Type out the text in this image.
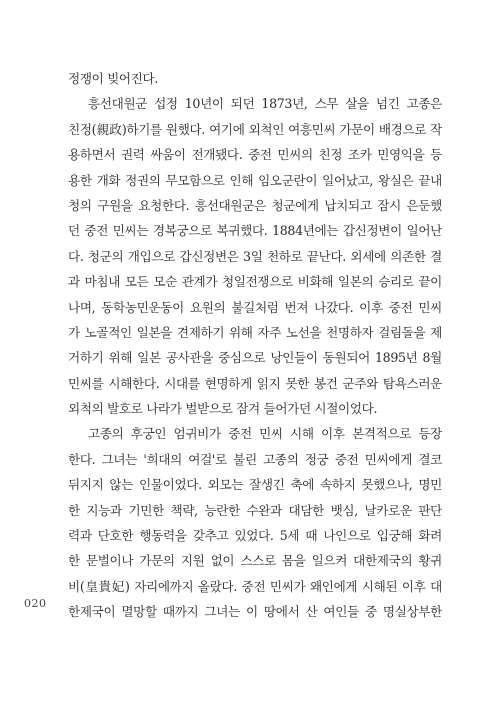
정쟁이 빚어진다.
흥선대원군 섭정 10년이 되던 1873년, 스무 살을 넘긴 고종은
친정(親政)하기를 원했다. 여기에 외척인 여흥민씨 가문이 배경으로 작
용하면서 권력 싸움이 전개됐다. 중전 민씨의 친정 조카 민영익을 등
용한 개화 정권의 무모함으로 인해 임오군란이 일어났고, 왕실은 끝내
청의 구원을 요청한다. 흥선대원군은 청군에게 납치되고 잠시 은둔했
던 중전 민씨는 경복궁으로 복귀했다. 1884년에는 갑신정변이 일어난
다. 청군의 개입으로 갑신정변은 3일 천하로 끝난다. 외세에 의존한 결
과 마침내 모든 모순 관계가 청일전쟁으로 비화해 일본의 승리로 끝이
나며, 동학농민운동이 요원의 불길처럼 번져 나갔다. 이후 중전 민씨
가 노골적인 일본을 견제하기 위해 자주 노선을 천명하자 걸림돌을 제
거하기 위해 일본 공사관을 중심으로 낭인들이 동원되어 1895년 8월
민씨를 시해한다. 시대를 현명하게 읽지 못한 봉건 군주와 탐욕스러운
외척의 발호로 나라가 벌받으로 잠겨 들어가던 시절이었다.
고종의 후궁인 엄귀비가 중전 민씨 시해 이후 본격적으로 등장
한다. 그녀는 '희대의 여걸'로 불린 고종의 정궁 중전 민씨에게 결코
뒤지지 않는 인물이었다. 외모는 잘생긴 축에 속하지 못했으나, 명민
한 지능과 기민한 책략, 능란한 수완과 대담한 뱃심, 날카로운 판단
력과 단호한 행동력을 갖추고 있었다. 5세 때 나인으로 입궁해 화려
한 문벌이나 가문의 지원 없이 스스로 몸을 일으켜 대한제국의 황귀
비(皇貴妃) 자리에까지 올랐다. 중전 민씨가 왜인에게 시해된 이후 대
한제국이 멸망할 때까지 그녀는 이 땅에서 산 여인들 중 명실상부한
020
